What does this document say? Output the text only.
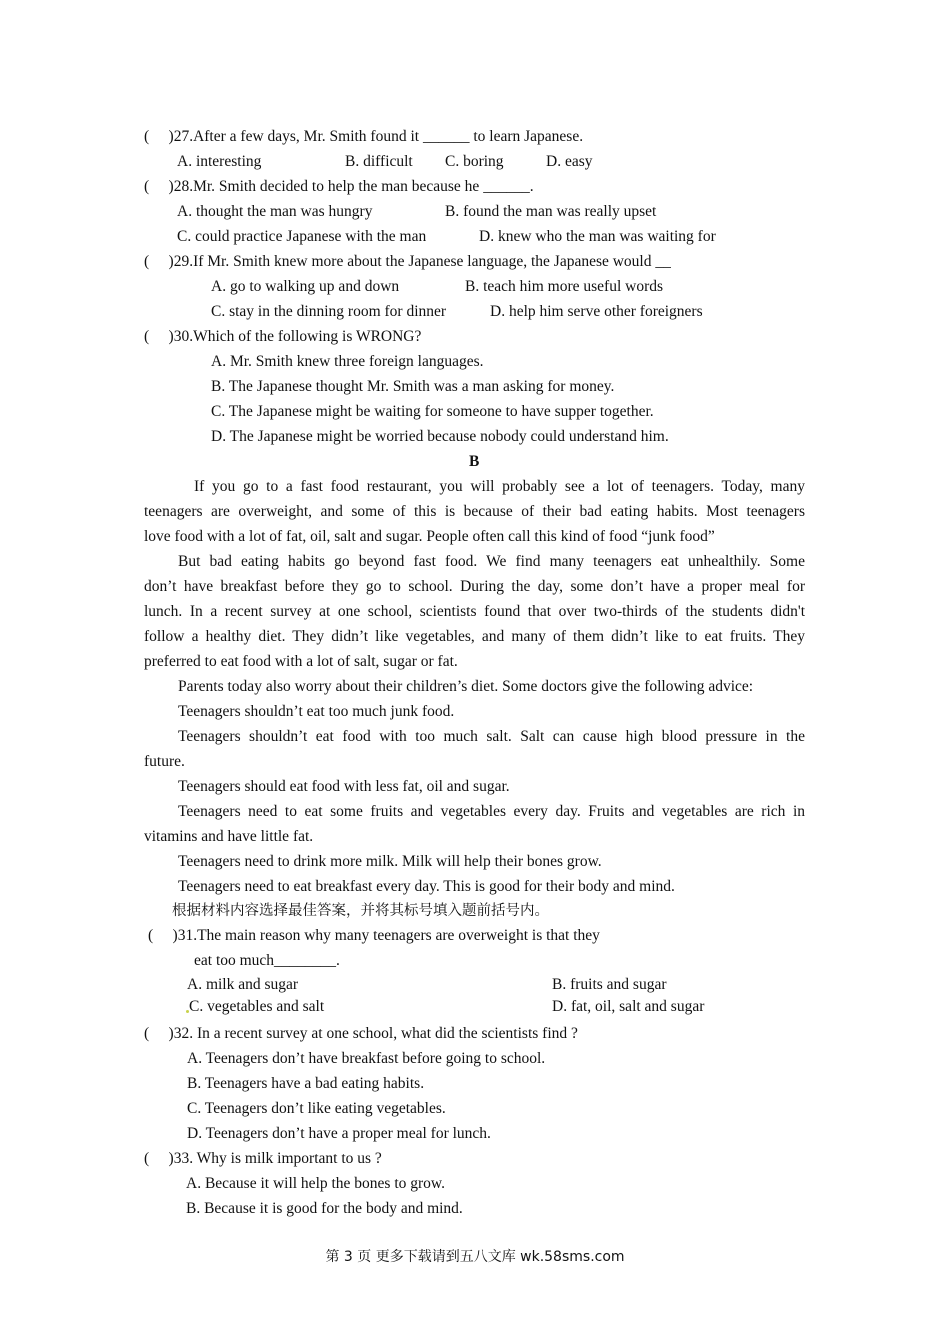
(     )27.After a few days, Mr. Smith found it ______ to learn Japanese.
A. interesting	B. difficult C. boring	D. easy
(     )28.Mr. Smith decided to help the man because he ______.
A. thought the man was hungry	B. found the man was really upset
C. could practice Japanese with the man	D. knew who the man was waiting for
(     )29.If Mr. Smith knew more about the Japanese language, the Japanese would __
A. go to walking up and down	B. teach him more useful words
C. stay in the dinning room for dinner	D. help him serve other foreigners
(     )30.Which of the following is WRONG?
A. Mr. Smith knew three foreign languages.
B. The Japanese thought Mr. Smith was a man asking for money.
C. The Japanese might be waiting for someone to have supper together.
D. The Japanese might be worried because nobody could understand him.
B
If you go to a fast food restaurant, you will probably see a lot of teenagers. Today, many
teenagers are overweight, and some of this is because of their bad eating habits. Most teenagers
love food with a lot of fat, oil, salt and sugar. People often call this kind of food “junk food”
But bad eating habits go beyond fast food. We find many teenagers eat unhealthily. Some
don’t have breakfast before they go to school. During the day, some don’t have a proper meal for
lunch. In a recent survey at one school, scientists found that over two-thirds of the students didn't
follow a healthy diet. They didn’t like vegetables, and many of them didn’t like to eat fruits. They
preferred to eat food with a lot of salt, sugar or fat.
Parents today also worry about their children’s diet. Some doctors give the following advice:
Teenagers shouldn’t eat too much junk food.
Teenagers shouldn’t eat food with too much salt. Salt can cause high blood pressure in the
future.
Teenagers should eat food with less fat, oil and sugar.
Teenagers need to eat some fruits and vegetables every day. Fruits and vegetables are rich in
vitamins and have little fat.
Teenagers need to drink more milk. Milk will help their bones grow.
Teenagers need to eat breakfast every day. This is good for their body and mind.
根据材料内容选择最佳答案，并将其标号填入题前括号内。
(     )31.The main reason why many teenagers are overweight is that they
eat too much________.
A. milk and sugar	B. fruits and sugar
C. vegetables and salt	D. fat, oil, salt and sugar
(     )32. In a recent survey at one school, what did the scientists find ?
A. Teenagers don’t have breakfast before going to school.
B. Teenagers have a bad eating habits.
C. Teenagers don’t like eating vegetables.
D. Teenagers don’t have a proper meal for lunch.
(     )33. Why is milk important to us ?
A. Because it will help the bones to grow.
B. Because it is good for the body and mind.
第 3 页 更多下载请到五八文库 wk.58sms.com
